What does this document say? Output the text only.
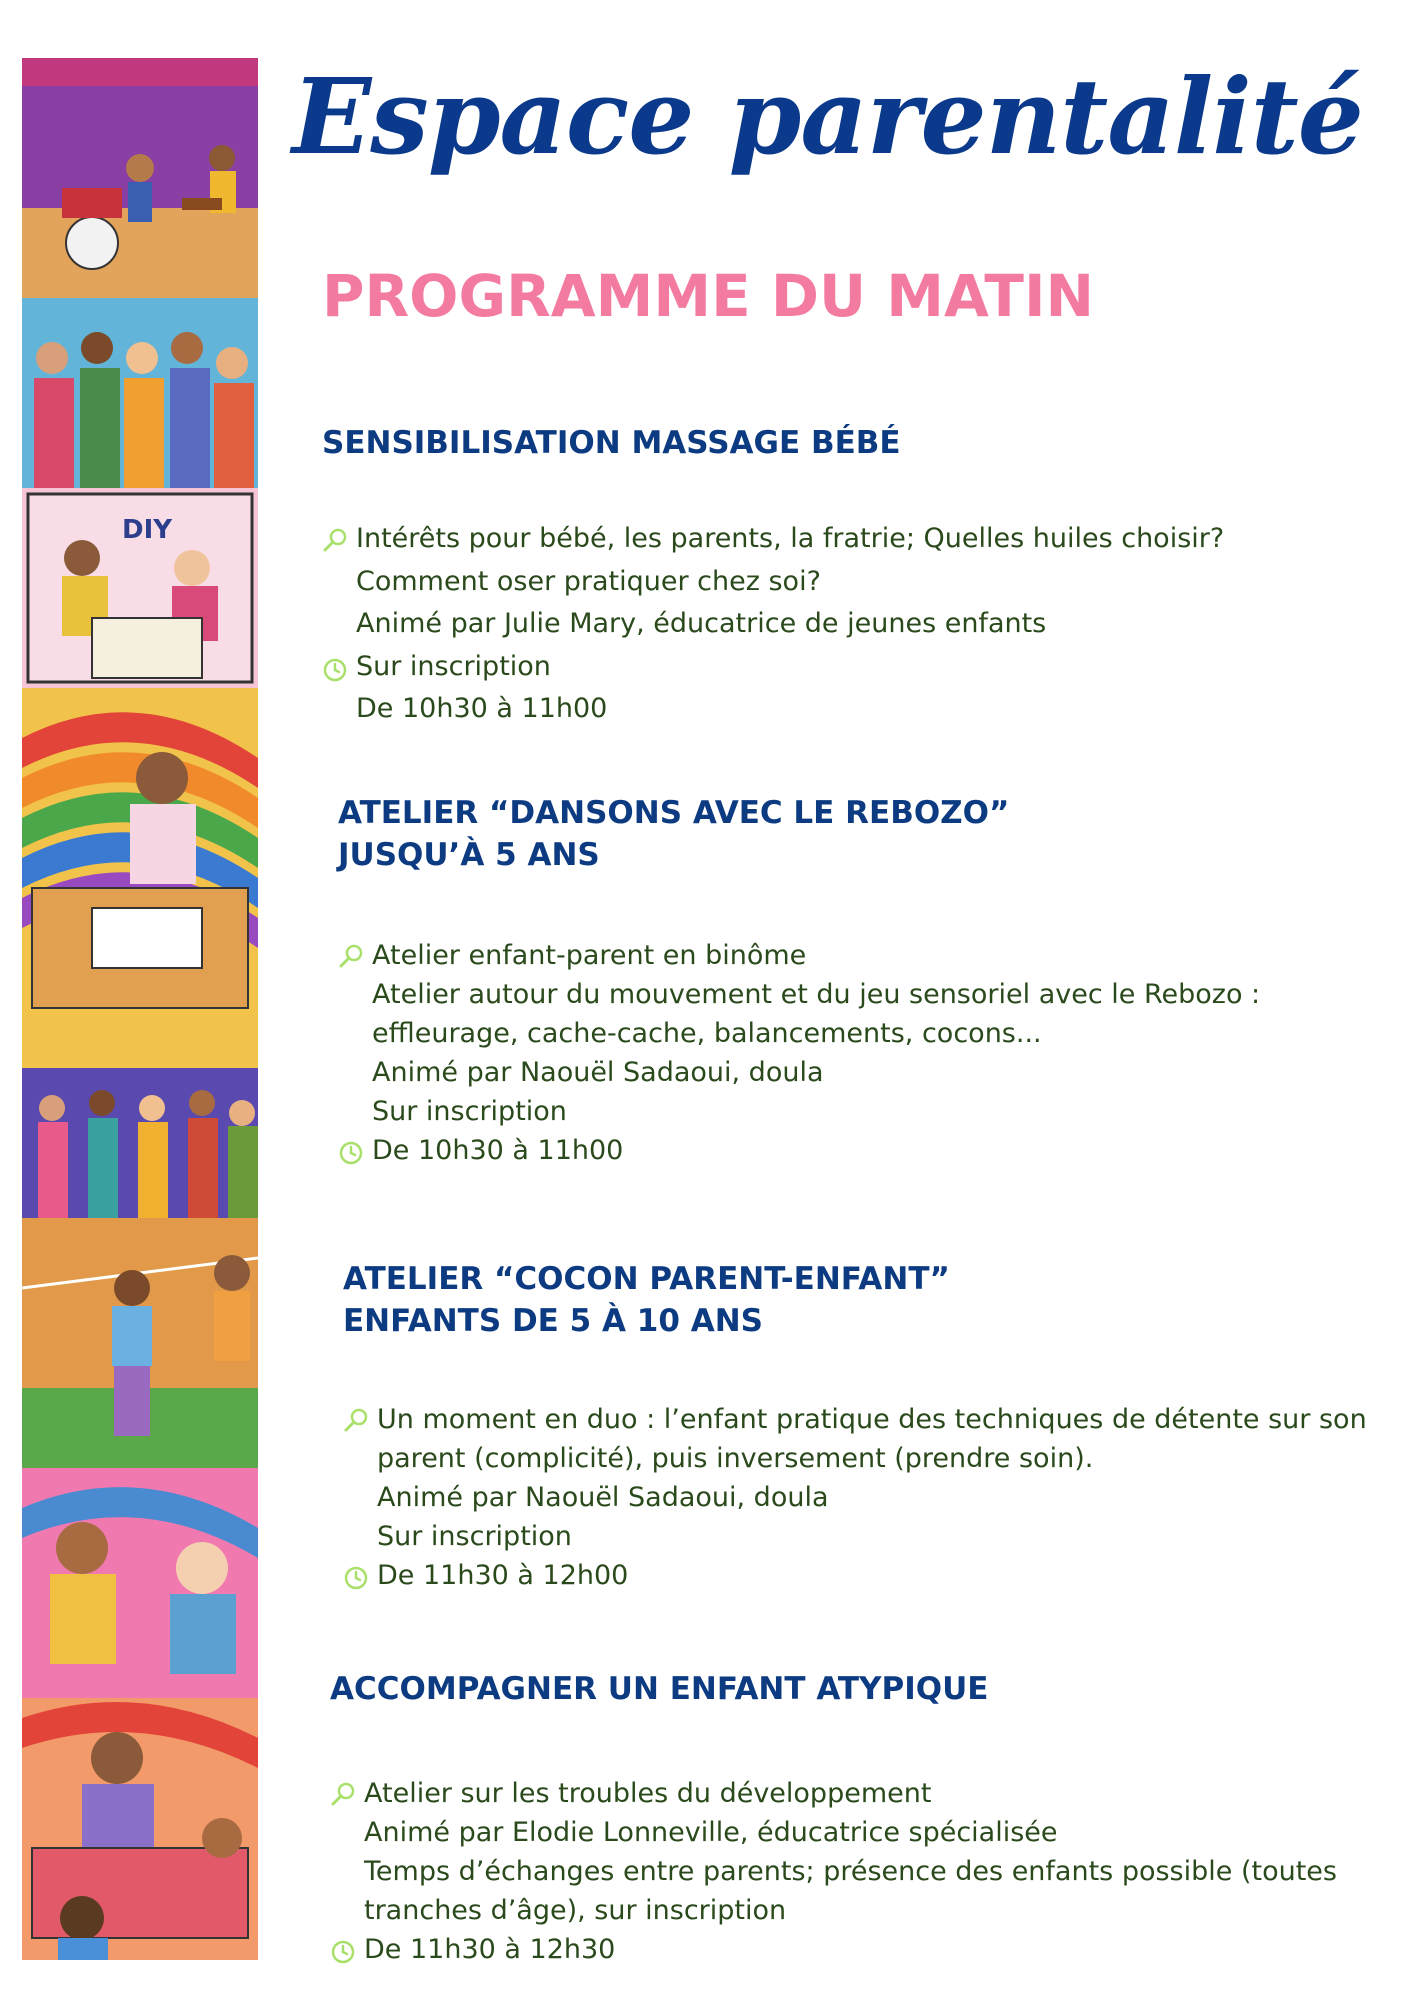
DIY
Espace parentalité
PROGRAMME DU MATIN
SENSIBILISATION MASSAGE BÉBÉ
Intérêts pour bébé, les parents, la fratrie; Quelles huiles choisir?
Comment oser pratiquer chez soi?
Animé par Julie Mary, éducatrice de jeunes enfants
Sur inscription
De 10h30 à 11h00
ATELIER “DANSONS AVEC LE REBOZO”
JUSQU’À 5 ANS
Atelier enfant-parent en binôme
Atelier autour du mouvement et du jeu sensoriel avec le Rebozo :
effleurage, cache-cache, balancements, cocons...
Animé par Naouël Sadaoui, doula
Sur inscription
De 10h30 à 11h00
ATELIER “COCON PARENT-ENFANT”
ENFANTS DE 5 À 10 ANS
Un moment en duo : l’enfant pratique des techniques de détente sur son
parent (complicité), puis inversement (prendre soin).
Animé par Naouël Sadaoui, doula
Sur inscription
De 11h30 à 12h00
ACCOMPAGNER UN ENFANT ATYPIQUE
Atelier sur les troubles du développement
Animé par Elodie Lonneville, éducatrice spécialisée
Temps d’échanges entre parents; présence des enfants possible (toutes
tranches d’âge), sur inscription
De 11h30 à 12h30
